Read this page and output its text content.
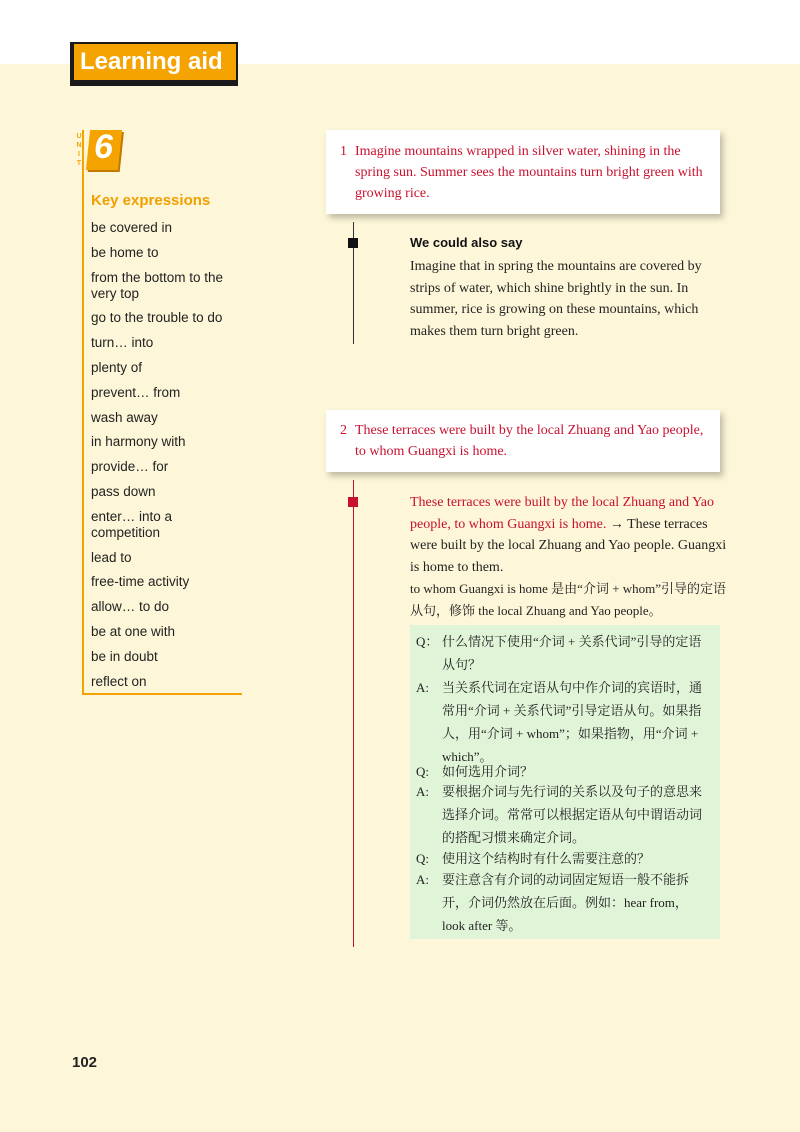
Learning aid
U
N
I
T 6
Key expressions
be covered in
be home to
from the bottom to the very top
go to the trouble to do
turn… into
plenty of
prevent… from
wash away
in harmony with
provide… for
pass down
enter… into a competition
lead to
free-time activity
allow… to do
be at one with
be in doubt
reflect on
1 Imagine mountains wrapped in silver water, shining in the spring sun. Summer sees the mountains turn bright green with growing rice.
We could also say
Imagine that in spring the mountains are covered by strips of water, which shine brightly in the sun. In summer, rice is growing on these mountains, which makes them turn bright green.
2 These terraces were built by the local Zhuang and Yao people, to whom Guangxi is home.
These terraces were built by the local Zhuang and Yao people, to whom Guangxi is home. → These terraces were built by the local Zhuang and Yao people. Guangxi is home to them.
to whom Guangxi is home 是由“介词 + whom”引导的定语从句，修饰 the local Zhuang and Yao people。
Q： 什么情况下使用“介词 + 关系代词”引导的定语从句？
A:	当关系代词在定语从句中作介词的宾语时，通常用“介词 + 关系代词”引导定语从句。如果指人，用“介词 + whom”；如果指物，用“介词 + which”。
Q:	如何选用介词？
A:	要根据介词与先行词的关系以及句子的意思来选择介词。常常可以根据定语从句中谓语动词的搭配习惯来确定介词。
Q:	使用这个结构时有什么需要注意的？
A:	要注意含有介词的动词固定短语一般不能拆开，介词仍然放在后面。例如：hear from，look after 等。
102
